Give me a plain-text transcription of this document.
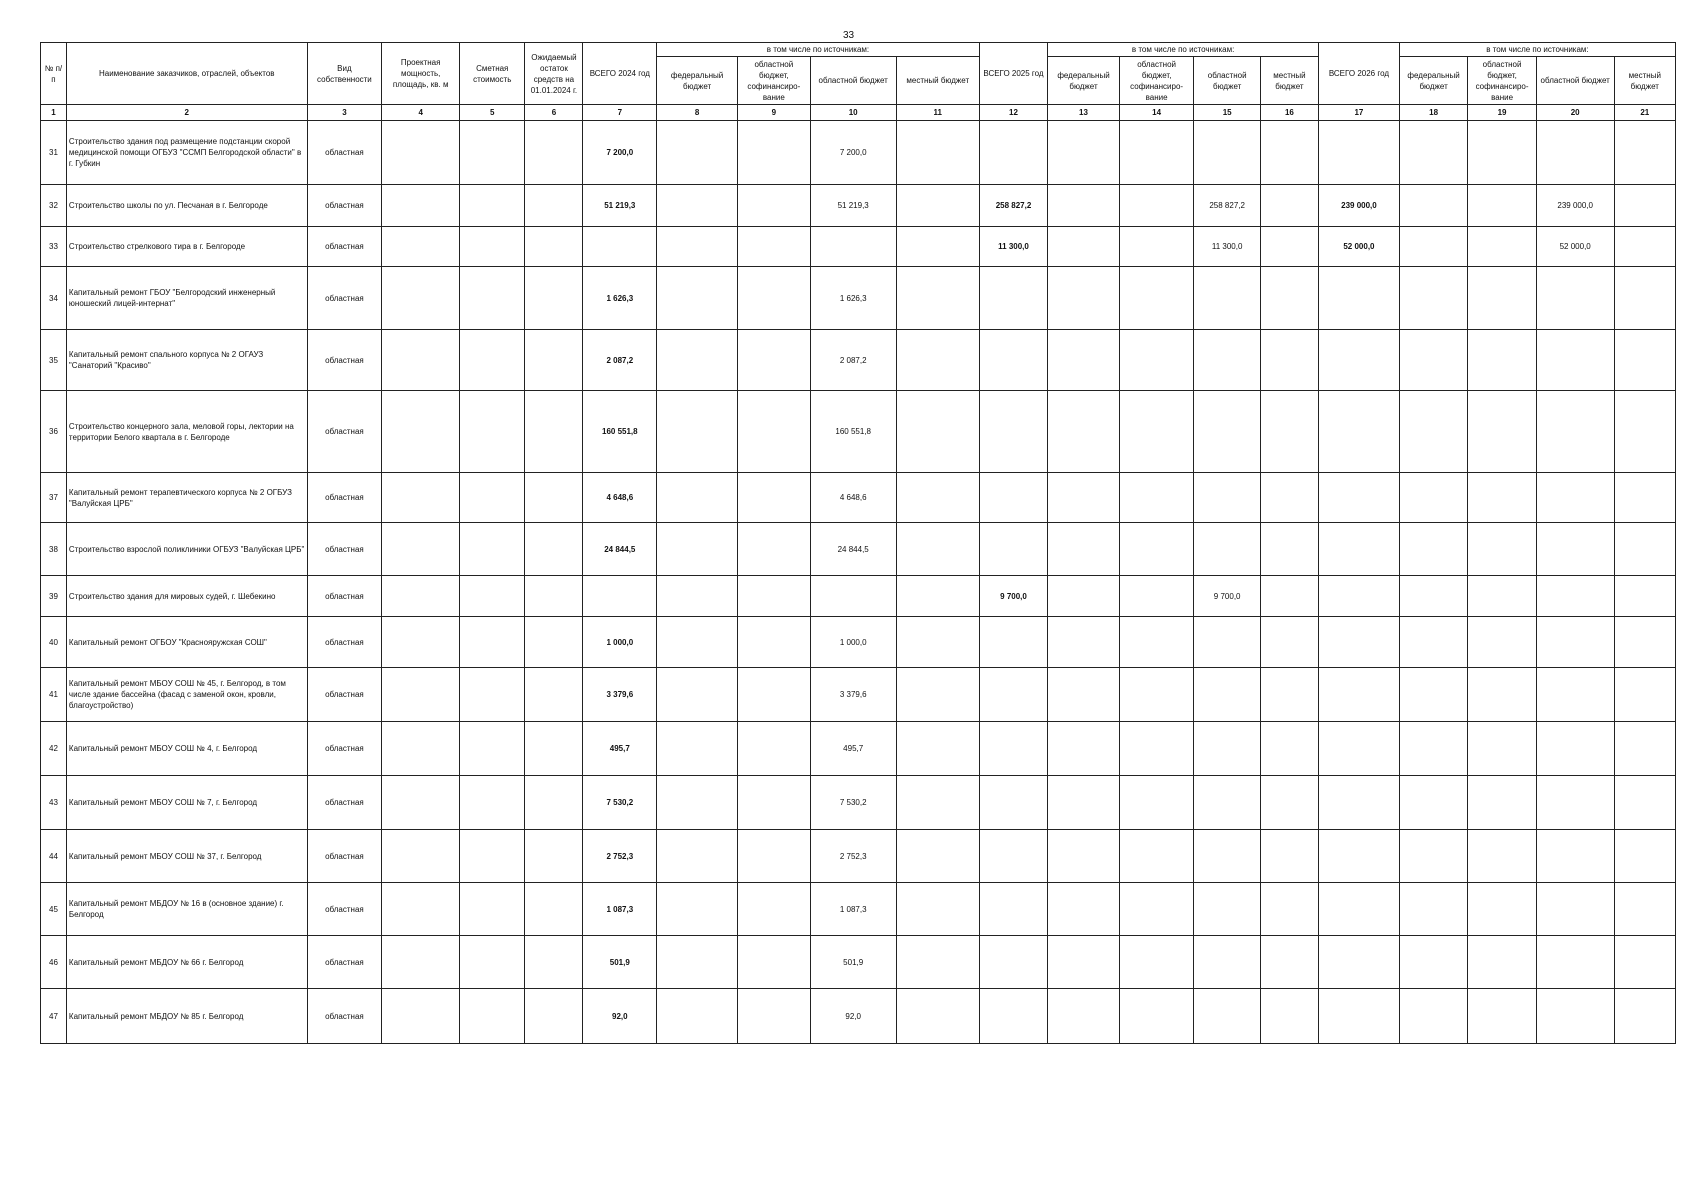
33
№ п/п	Наименование заказчиков, отраслей, объектов	Вид собственности	Проектная мощность, площадь, кв. м	Сметная стоимость	Ожидаемый остаток средств на 01.01.2024 г.	ВСЕГО 2024 год	в том числе по источникам:				ВСЕГО 2025 год	в том числе по источникам:				ВСЕГО 2026 год	в том числе по источникам:			
							федеральный бюджет	областной бюджет, софинансиро-вание	областной бюджет	местный бюджет		федеральный бюджет	областной бюджет, софинансиро-вание	областной бюджет	местный бюджет		федеральный бюджет	областной бюджет, софинансиро-вание	областной бюджет	местный бюджет
1	2	3	4	5	6	7	8	9	10	11	12	13	14	15	16	17	18	19	20	21
31	Строительство здания под размещение подстанции скорой медицинской помощи ОГБУЗ "ССМП Белгородской области" в г. Губкин	областная				7 200,0			7 200,0											
32	Строительство школы по ул. Песчаная в г. Белгороде	областная				51 219,3			51 219,3		258 827,2			258 827,2		239 000,0			239 000,0	
33	Строительство стрелкового тира в г. Белгороде	областная									11 300,0			11 300,0		52 000,0			52 000,0	
34	Капитальный ремонт ГБОУ "Белгородский инженерный юношеский лицей-интернат"	областная				1 626,3			1 626,3											
35	Капитальный ремонт спального корпуса № 2 ОГАУЗ "Санаторий "Красиво"	областная				2 087,2			2 087,2											
36	Строительство концерного зала, меловой горы, лектории на территории Белого квартала в г. Белгороде	областная				160 551,8			160 551,8											
37	Капитальный ремонт терапевтического корпуса № 2 ОГБУЗ "Валуйская ЦРБ"	областная				4 648,6			4 648,6											
38	Строительство взрослой поликлиники ОГБУЗ "Валуйская ЦРБ"	областная				24 844,5			24 844,5											
39	Строительство здания для мировых судей, г. Шебекино	областная									9 700,0			9 700,0						
40	Капитальный ремонт ОГБОУ "Краснояружская СОШ"	областная				1 000,0			1 000,0											
41	Капитальный ремонт МБОУ СОШ № 45, г. Белгород, в том числе здание бассейна (фасад с заменой окон, кровли, благоустройство)	областная				3 379,6			3 379,6											
42	Капитальный ремонт МБОУ СОШ № 4, г. Белгород	областная				495,7			495,7											
43	Капитальный ремонт МБОУ СОШ № 7, г. Белгород	областная				7 530,2			7 530,2											
44	Капитальный ремонт МБОУ СОШ № 37, г. Белгород	областная				2 752,3			2 752,3											
45	Капитальный ремонт МБДОУ № 16 в (основное здание) г. Белгород	областная				1 087,3			1 087,3											
46	Капитальный ремонт МБДОУ № 66 г. Белгород	областная				501,9			501,9											
47	Капитальный ремонт МБДОУ № 85 г. Белгород	областная				92,0			92,0											
